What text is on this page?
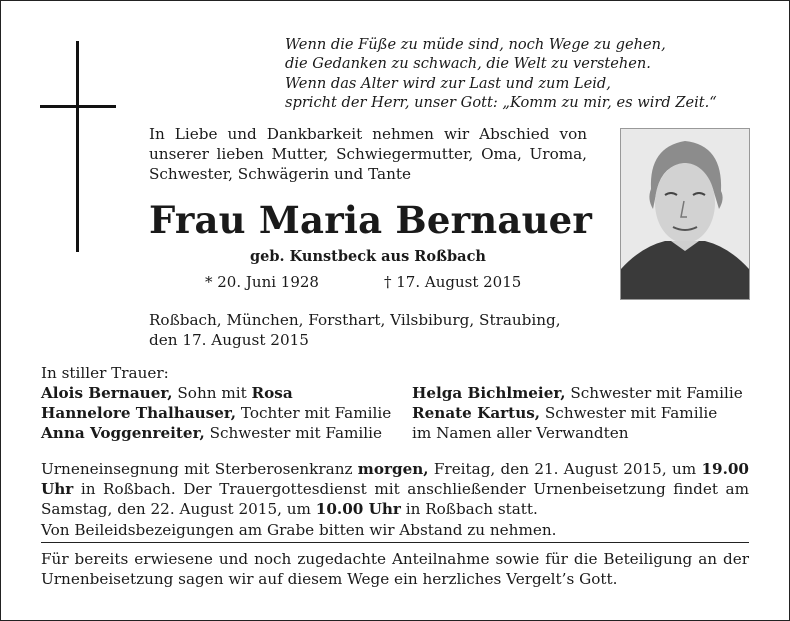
Wenn die Füße zu müde sind, noch Wege zu gehen,
die Gedanken zu schwach, die Welt zu verstehen.
Wenn das Alter wird zur Last und zum Leid,
spricht der Herr, unser Gott: „Komm zu mir, es wird Zeit.“
In Liebe und Dankbarkeit nehmen wir Abschied von unserer lieben Mutter, Schwiegermutter, Oma, Uroma, Schwester, Schwägerin und Tante
Frau Maria Bernauer
geb. Kunstbeck aus Roßbach
* 20. Juni 1928	† 17. August 2015
Roßbach, München, Forsthart, Vilsbiburg, Straubing, den 17. August 2015
In stiller Trauer:
Alois Bernauer, Sohn mit Rosa
Hannelore Thalhauser, Tochter mit Familie
Anna Voggenreiter, Schwester mit Familie
Helga Bichlmeier, Schwester mit Familie
Renate Kartus, Schwester mit Familie
im Namen aller Verwandten
Urneneinsegnung mit Sterberosenkranz morgen, Freitag, den 21. August 2015, um 19.00 Uhr in Roßbach. Der Trauergottesdienst mit anschließender Urnenbeisetzung findet am Samstag, den 22. August 2015, um 10.00 Uhr in Roßbach statt.
Von Beileidsbezeigungen am Grabe bitten wir Abstand zu nehmen.
Für bereits erwiesene und noch zugedachte Anteilnahme sowie für die Beteiligung an der Urnenbeisetzung sagen wir auf diesem Wege ein herzliches Vergelt’s Gott.
